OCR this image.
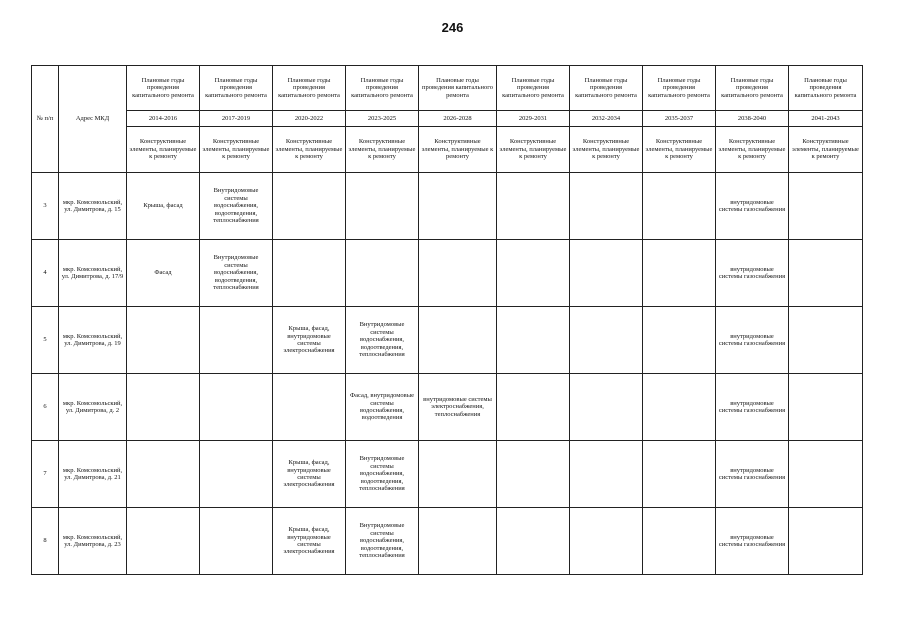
246
№ п/п	Адрес МКД	Плановые годы проведения капитального ремонта	Плановые годы проведения капитального ремонта	Плановые годы проведения капитального ремонта	Плановые годы проведения капитального ремонта	Плановые годы проведения капитального ремонта	Плановые годы проведения капитального ремонта	Плановые годы проведения капитального ремонта	Плановые годы проведения капитального ремонта	Плановые годы проведения капитального ремонта	Плановые годы проведения капитального ремонта
		2014-2016	2017-2019	2020-2022	2023-2025	2026-2028	2029-2031	2032-2034	2035-2037	2038-2040	2041-2043
		Конструктивные элементы, планируемые к ремонту	Конструктивные элементы, планируемые к ремонту	Конструктивные элементы, планируемые к ремонту	Конструктивные элементы, планируемые к ремонту	Конструктивные элементы, планируемые к ремонту	Конструктивные элементы, планируемые к ремонту	Конструктивные элементы, планируемые к ремонту	Конструктивные элементы, планируемые к ремонту	Конструктивные элементы, планируемые к ремонту	Конструктивные элементы, планируемые к ремонту
3	мкр. Комсомольский, ул. Димитрова, д. 15	Крыша, фасад	Внутридомовые системы водоснабжения, водоотведения, теплоснабжения							внутридомовые системы газоснабжения	
4	мкр. Комсомольский, ул. Димитрова, д. 17/9	Фасад	Внутридомовые системы водоснабжения, водоотведения, теплоснабжения							внутридомовые системы газоснабжения	
5	мкр. Комсомольский, ул. Димитрова, д. 19			Крыша, фасад, внутридомовые системы электроснабжения	Внутридомовые системы водоснабжения, водоотведения, теплоснабжения					внутридомовые системы газоснабжения	
6	мкр. Комсомольский, ул. Димитрова, д. 2				Фасад, внутридомовые системы водоснабжения, водоотведения	внутридомовые системы электроснабжения, теплоснабжения				внутридомовые системы газоснабжения	
7	мкр. Комсомольский, ул. Димитрова, д. 21			Крыша, фасад, внутридомовые системы электроснабжения	Внутридомовые системы водоснабжения, водоотведения, теплоснабжения					внутридомовые системы газоснабжения	
8	мкр. Комсомольский, ул. Димитрова, д. 23			Крыша, фасад, внутридомовые системы электроснабжения	Внутридомовые системы водоснабжения, водоотведения, теплоснабжения					внутридомовые системы газоснабжения	
